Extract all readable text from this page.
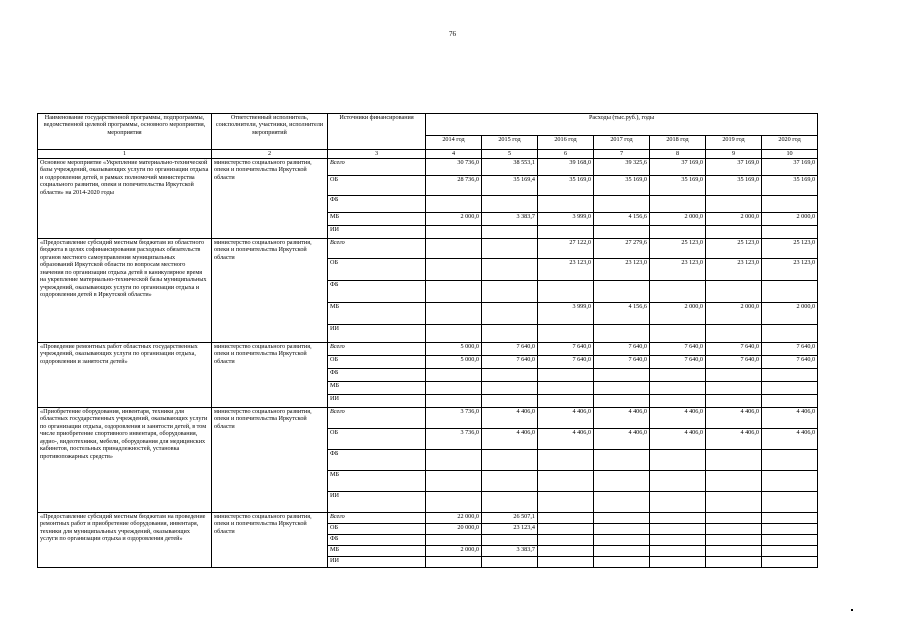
76
Наименование государственной программы, подпрограммы, ведомственной целевой программы, основного мероприятия, мероприятия	Ответственный исполнитель, соисполнители, участники, исполнители мероприятий	Источники финансирования	Расходы (тыс.руб.), годы						
			2014 год	2015 год	2016 год	2017 год	2018 год	2019 год	2020 год
1	2	3	4	5	6	7	8	9	10
Основное мероприятие «Укрепление материально-технической базы учреждений, оказывающих услуги по организации отдыха и оздоровления детей, в рамках полномочий министерства социального развития, опеки и попечительства Иркутской области» на 2014-2020 годы	министерство социального развития, опеки и попечительства Иркутской области	Всего	30 736,0	38 553,1	39 168,0	39 325,6	37 169,0	37 169,0	37 169,0
		ОБ	28 736,0	35 169,4	35 169,0	35 169,0	35 169,0	35 169,0	35 169,0
		ФБ							
		МБ	2 000,0	3 383,7	3 999,0	4 156,6	2 000,0	2 000,0	2 000,0
		ИИ							
«Предоставление субсидий местным бюджетам из областного бюджета в целях софинансирования расходных обязательств органов местного самоуправления муниципальных образований Иркутской области по вопросам местного значения по организации отдыха детей в каникулярное время на укрепление материально-технической базы муниципальных учреждений, оказывающих услуги по организации отдыха и оздоровления детей в Иркутской области»	министерство социального развития, опеки и попечительства Иркутской области	Всего			27 122,0	27 279,6	25 123,0	25 123,0	25 123,0
		ОБ			23 123,0	23 123,0	23 123,0	23 123,0	23 123,0
		ФБ							
		МБ			3 999,0	4 156,6	2 000,0	2 000,0	2 000,0
		ИИ							
«Проведение ремонтных работ областных государственных учреждений, оказывающих услуги по организации отдыха, оздоровления и занятости детей»	министерство социального развития, опеки и попечительства Иркутской области	Всего	5 000,0	7 640,0	7 640,0	7 640,0	7 640,0	7 640,0	7 640,0
		ОБ	5 000,0	7 640,0	7 640,0	7 640,0	7 640,0	7 640,0	7 640,0
		ФБ							
		МБ							
		ИИ							
«Приобретение оборудования, инвентаря, техники для областных государственных учреждений, оказывающих услуги по организации отдыха, оздоровления и занятости детей, в том числе приобретение спортивного инвентаря, оборудования, аудио-, видеотехники, мебели, оборудования для медицинских кабинетов, постельных принадлежностей, установка противопожарных средств»	министерство социального развития, опеки и попечительства Иркутской области	Всего	3 736,0	4 406,0	4 406,0	4 406,0	4 406,0	4 406,0	4 406,0
		ОБ	3 736,0	4 406,0	4 406,0	4 406,0	4 406,0	4 406,0	4 406,0
		ФБ							
		МБ							
		ИИ							
«Предоставление субсидий местным бюджетам на проведение ремонтных работ и приобретение оборудования, инвентаря, техники для муниципальных учреждений, оказывающих услуги по организации отдыха и оздоровления детей»	министерство социального развития, опеки и попечительства Иркутской области	Всего	22 000,0	26 507,1					
		ОБ	20 000,0	23 123,4					
		ФБ							
		МБ	2 000,0	3 383,7					
		ИИ							
